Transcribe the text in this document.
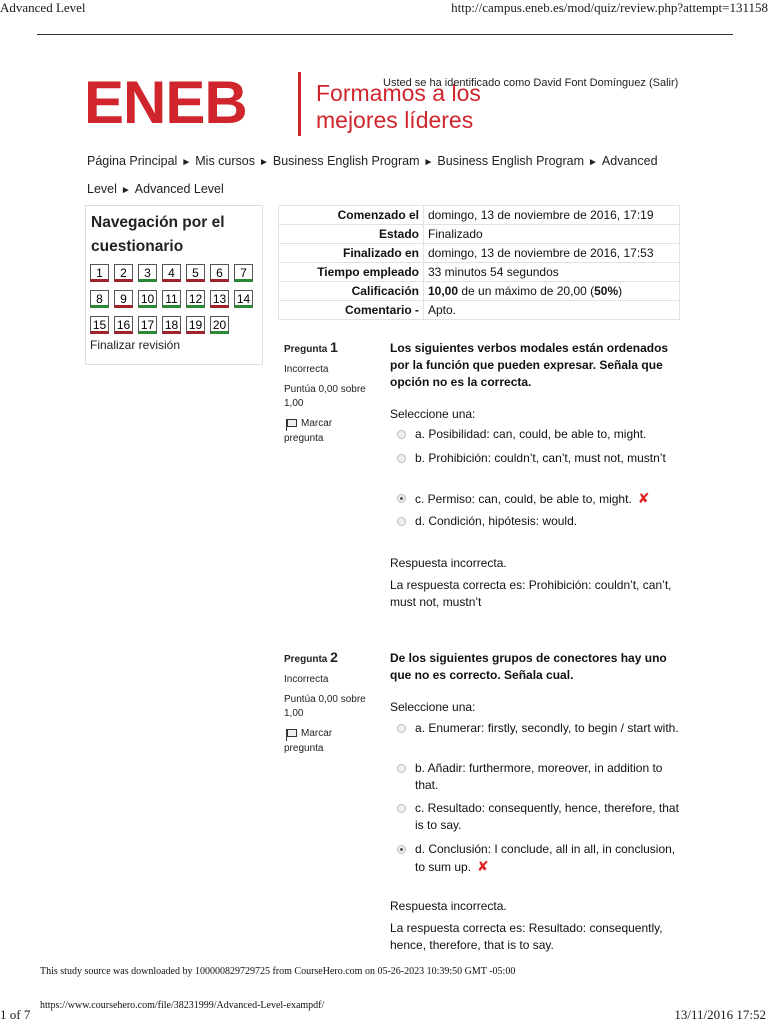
Advanced Level	http://campus.eneb.es/mod/quiz/review.php?attempt=131158
ENEB	Formamos a los
mejores líderes
Usted se ha identificado como David Font Domínguez (Salir)
Página Principal ► Mis cursos ► Business English Program ► Business English Program ► Advanced Level ► Advanced Level
Navegación por el
cuestionario
1	2	3	4	5	6	7
8	9	10 11 12 13 14
15 16 17 18 19 20
Finalizar revisión
Comenzado el	domingo, 13 de noviembre de 2016, 17:19
Estado	Finalizado
Finalizado en	domingo, 13 de noviembre de 2016, 17:53
Tiempo empleado	33 minutos 54 segundos
Calificación	10,00 de un máximo de 20,00 (50%)
Comentario -	Apto.
Pregunta 1
Incorrecta
Puntúa 0,00 sobre
1,00
Marcar
pregunta
Los siguientes verbos modales están ordenados por la función que pueden expresar. Señala que opción no es la correcta.
Seleccione una:
a. Posibilidad: can, could, be able to, might.
b. Prohibición: couldn’t, can’t, must not, mustn’t
c. Permiso: can, could, be able to, might. ✘
d. Condición, hipótesis: would.
Respuesta incorrecta.
La respuesta correcta es: Prohibición: couldn’t, can’t, must not, mustn’t
Pregunta 2
Incorrecta
Puntúa 0,00 sobre
1,00
Marcar
pregunta
De los siguientes grupos de conectores hay uno que no es correcto. Señala cual.
Seleccione una:
a. Enumerar: firstly, secondly, to begin / start with.
b. Añadir: furthermore, moreover, in addition to that.
c. Resultado: consequently, hence, therefore, that is to say.
d. Conclusión: I conclude, all in all, in conclusion, to sum up. ✘
Respuesta incorrecta.
La respuesta correcta es: Resultado: consequently, hence, therefore, that is to say.
This study source was downloaded by 100000829729725 from CourseHero.com on 05-26-2023 10:39:50 GMT -05:00
1 of 7
https://www.coursehero.com/file/38231999/Advanced-Level-exampdf/
13/11/2016 17:52
